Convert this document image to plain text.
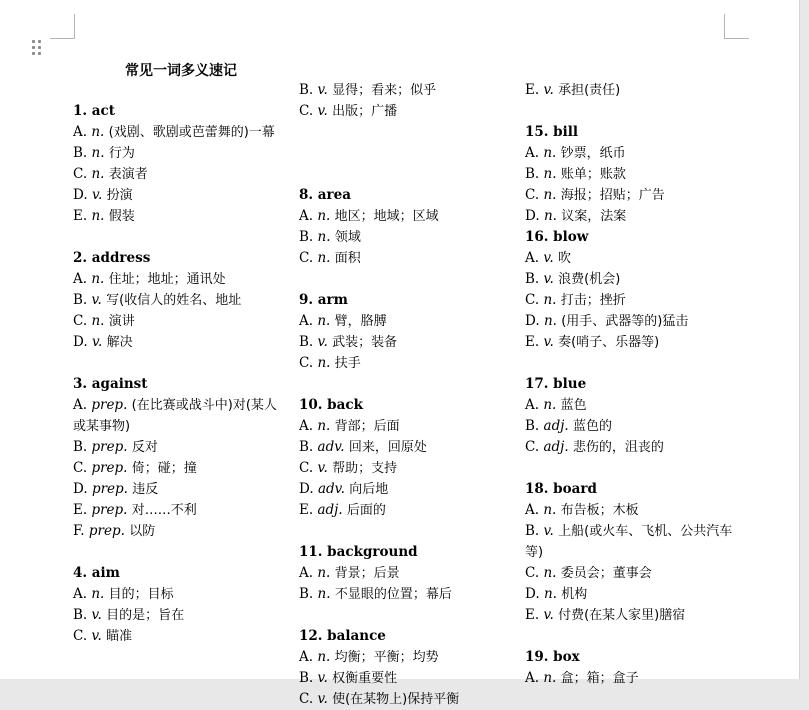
常见一词多义速记
1. act
A. n. (戏剧、歌剧或芭蕾舞的)一幕
B. n. 行为
C. n. 表演者
D. v. 扮演
E. n. 假装
2. address
A. n. 住址；地址；通讯处
B. v. 写(收信人的姓名、地址
C. n. 演讲
D. v. 解决
3. against
A. prep. (在比赛或战斗中)对(某人或某事物)
B. prep. 反对
C. prep. 倚；碰；撞
D. prep. 违反
E. prep. 对……不利
F. prep. 以防
4. aim
A. n. 目的；目标
B. v. 目的是；旨在
C. v. 瞄准
B. v. 显得；看来；似乎
C. v. 出版；广播
8. area
A. n. 地区；地域；区域
B. n. 领域
C. n. 面积
9. arm
A. n. 臂，胳膊
B. v. 武装；装备
C. n. 扶手
10. back
A. n. 背部；后面
B. adv. 回来，回原处
C. v. 帮助；支持
D. adv. 向后地
E. adj. 后面的
11. background
A. n. 背景；后景
B. n. 不显眼的位置；幕后
12. balance
A. n. 均衡；平衡；均势
B. v. 权衡重要性
C. v. 使(在某物上)保持平衡
E. v. 承担(责任)
15. bill
A. n. 钞票，纸币
B. n. 账单；账款
C. n. 海报；招贴；广告
D. n. 议案，法案
16. blow
A. v. 吹
B. v. 浪费(机会)
C. n. 打击；挫折
D. n. (用手、武器等的)猛击
E. v. 奏(哨子、乐器等)
17. blue
A. n. 蓝色
B. adj. 蓝色的
C. adj. 悲伤的，沮丧的
18. board
A. n. 布告板；木板
B. v. 上船(或火车、飞机、公共汽车等)
C. n. 委员会；董事会
D. n. 机构
E. v. 付费(在某人家里)膳宿
19. box
A. n. 盒；箱；盒子
